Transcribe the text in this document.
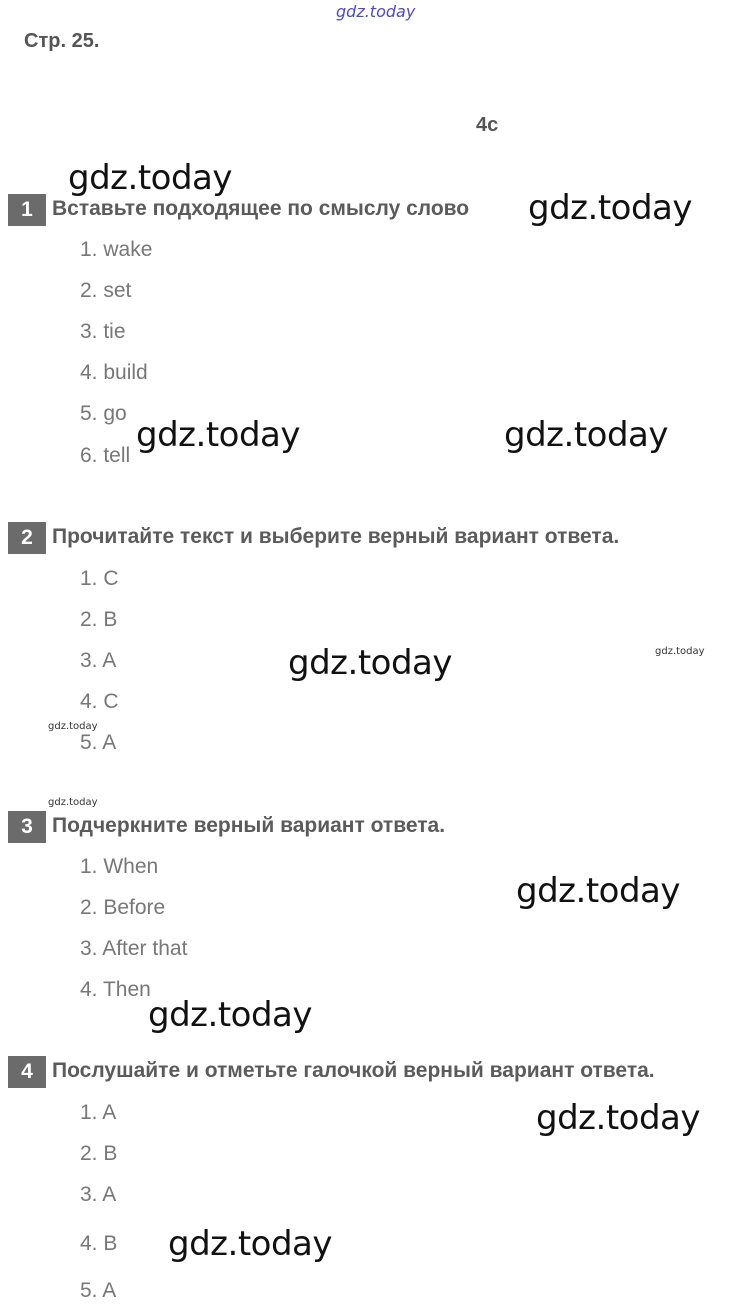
gdz.today
Стр. 25.
4c
1 Вставьте подходящее по смыслу слово
1. wake
2. set
3. tie
4. build
5. go
6. tell
2 Прочитайте текст и выберите верный вариант ответа.
1. C
2. B
3. A
4. C
5. A
3 Подчеркните верный вариант ответа.
1. When
2. Before
3. After that
4. Then
4 Послушайте и отметьте галочкой верный вариант ответа.
1. A
2. B
3. A
4. B
5. A
gdz.today
gdz.today
gdz.today	gdz.today
gdz.today	gdz.today
gdz.today
gdz.today
gdz.today
gdz.today
gdz.today
gdz.today
